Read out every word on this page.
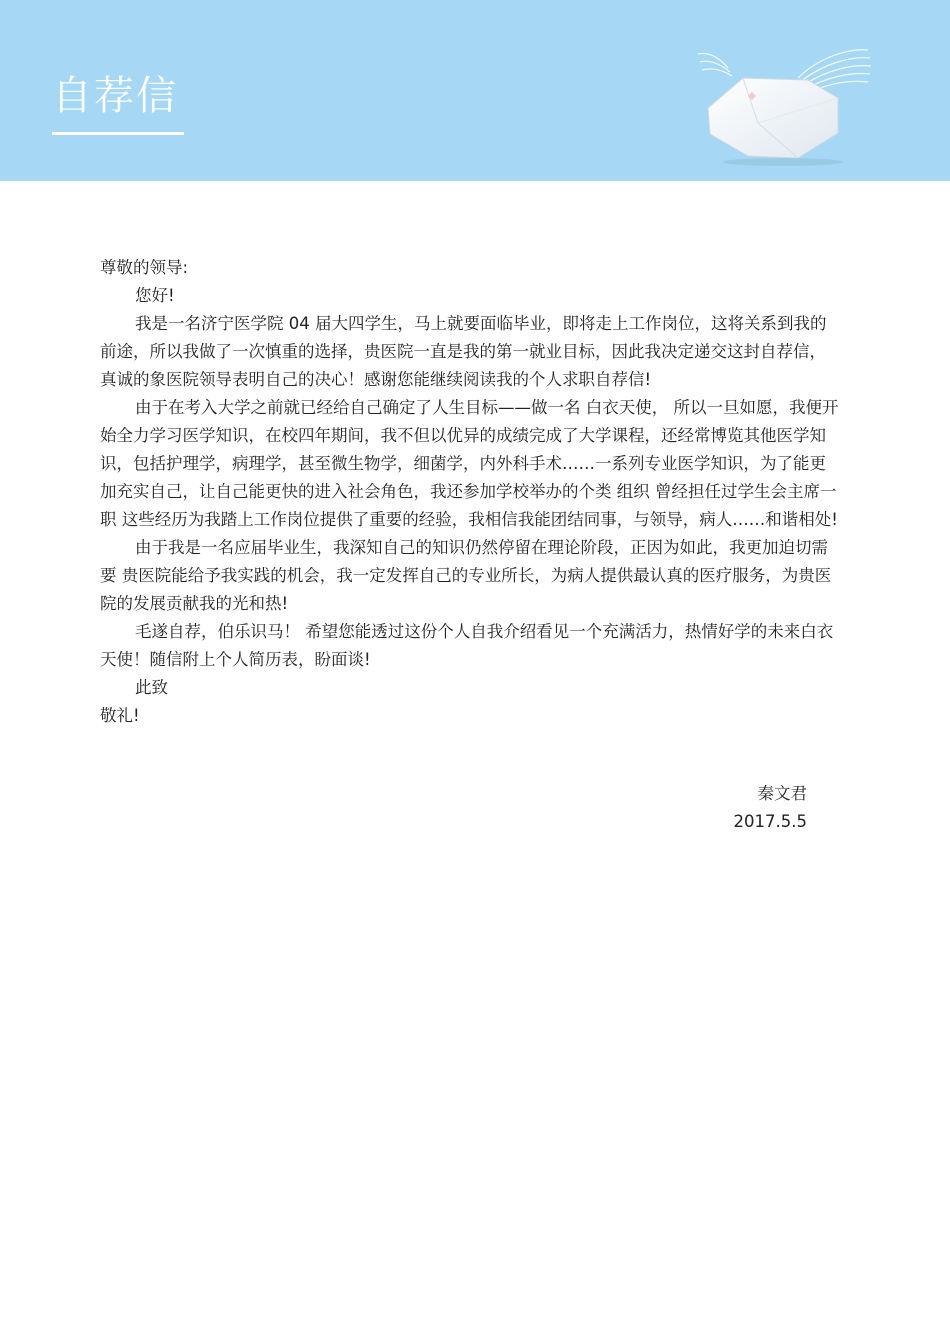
自荐信

尊敬的领导:

您好!

我是一名济宁医学院 04 届大四学生，马上就要面临毕业，即将走上工作岗位，这将关系到我的前途，所以我做了一次慎重的选择，贵医院一直是我的第一就业目标，因此我决定递交这封自荐信，真诚的象医院领导表明自己的决心！感谢您能继续阅读我的个人求职自荐信!

由于在考入大学之前就已经给自己确定了人生目标——做一名 白衣天使， 所以一旦如愿，我便开始全力学习医学知识，在校四年期间，我不但以优异的成绩完成了大学课程，还经常博览其他医学知识，包括护理学，病理学，甚至微生物学，细菌学，内外科手术……一系列专业医学知识，为了能更加充实自己，让自己能更快的进入社会角色，我还参加学校举办的个类 组织 曾经担任过学生会主席一职 这些经历为我踏上工作岗位提供了重要的经验，我相信我能团结同事，与领导，病人……和谐相处!

由于我是一名应届毕业生，我深知自己的知识仍然停留在理论阶段，正因为如此，我更加迫切需要 贵医院能给予我实践的机会，我一定发挥自己的专业所长，为病人提供最认真的医疗服务，为贵医院的发展贡献我的光和热!

毛遂自荐，伯乐识马！ 希望您能透过这份个人自我介绍看见一个充满活力，热情好学的未来白衣天使！随信附上个人简历表，盼面谈!

此致

敬礼!

秦文君
2017.5.5
